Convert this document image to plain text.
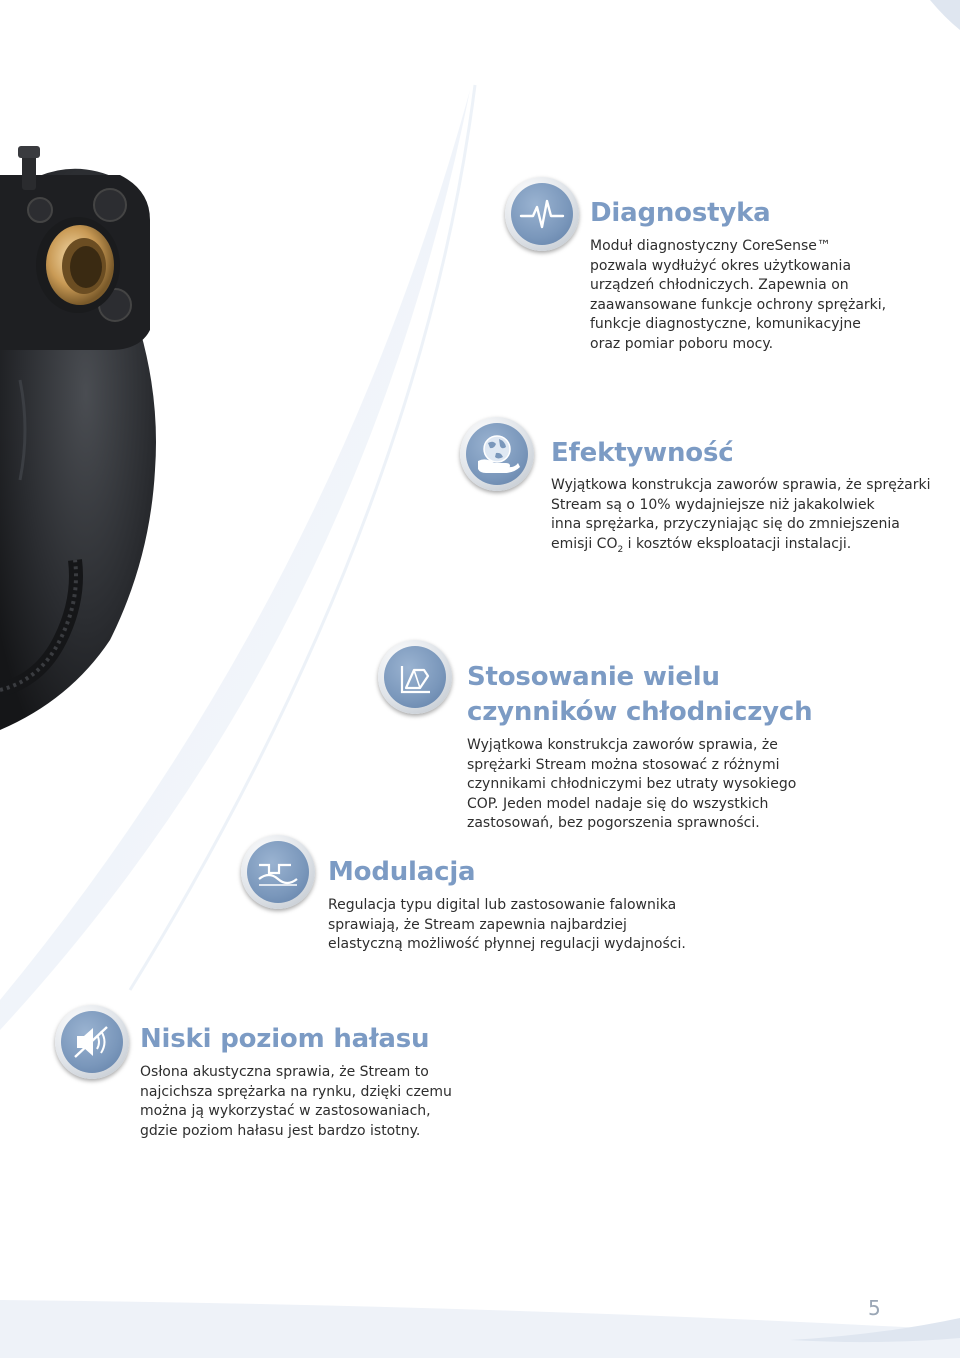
Diagnostyka

Moduł diagnostyczny CoreSense™

pozwala wydłużyć okres użytkowania

urządzeń chłodniczych. Zapewnia on

zaawansowane funkcje ochrony sprężarki,

funkcje diagnostyczne, komunikacyjne

oraz pomiar poboru mocy.

Efektywność

Wyjątkowa konstrukcja zaworów sprawia, że sprężarki

Stream są o 10% wydajniejsze niż jakakolwiek

inna sprężarka, przyczyniając się do zmniejszenia

emisji $CO_2$ i kosztów eksploatacji instalacji.

Stosowanie wielu
czynników chłodniczych

Wyjątkowa konstrukcja zaworów sprawia, że

sprężarki Stream można stosować z różnymi

czynnikami chłodniczymi bez utraty wysokiego

COP. Jeden model nadaje się do wszystkich

zastosowań, bez pogorszenia sprawności.

Modulacja

Regulacja typu digital lub zastosowanie falownika

sprawiają, że Stream zapewnia najbardziej

elastyczną możliwość płynnej regulacji wydajności.

Niski poziom hałasu

Osłona akustyczna sprawia, że Stream to

najcichsza sprężarka na rynku, dzięki czemu

można ją wykorzystać w zastosowaniach,

gdzie poziom hałasu jest bardzo istotny.

5
